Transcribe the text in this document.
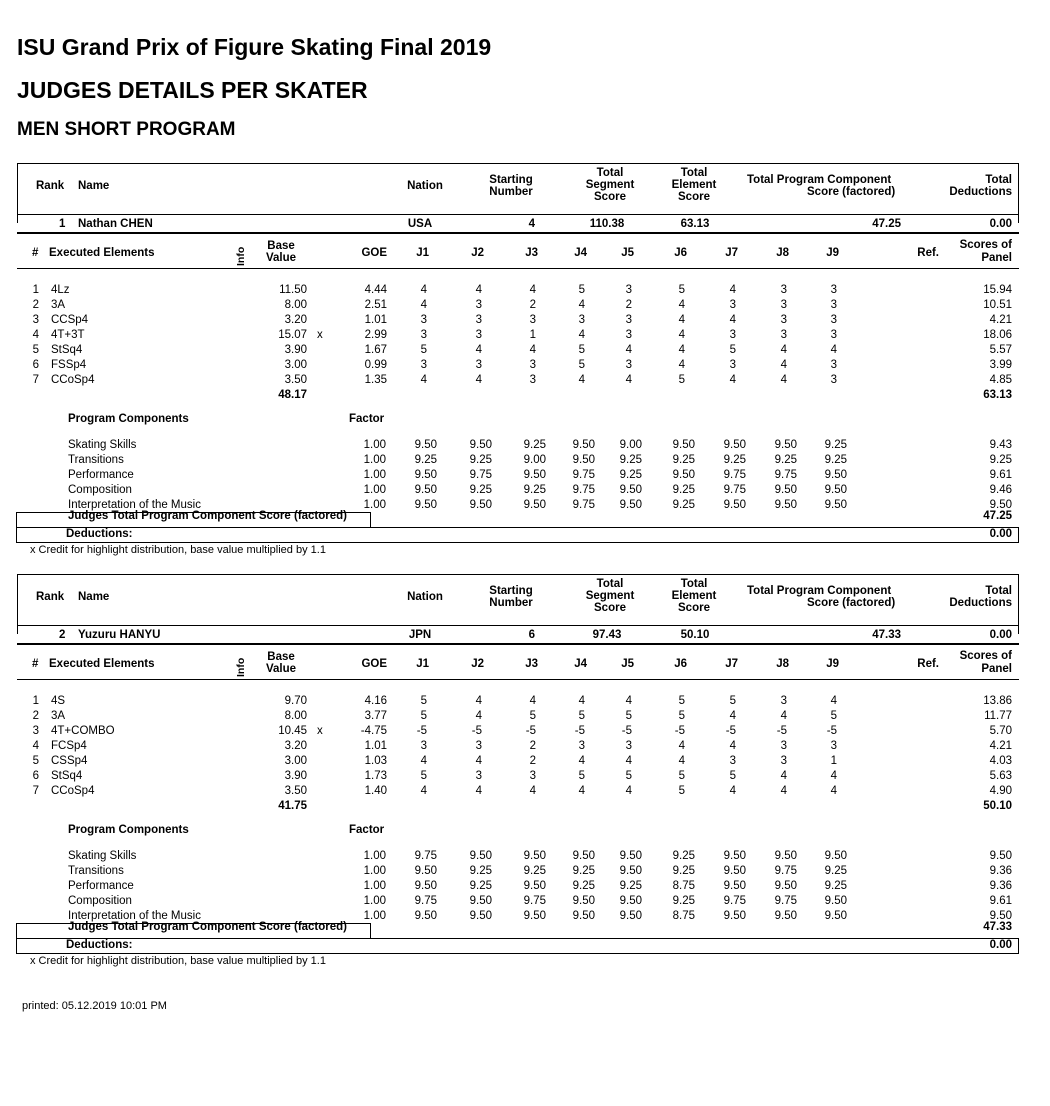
ISU Grand Prix of Figure Skating Final 2019
JUDGES DETAILS PER SKATER
MEN SHORT PROGRAM
Rank Name	Nation	Starting
Number
Total
Segment
Score
Total
Element
Score
Total Program Component
Score (factored)
Total
Deductions
1 Nathan CHEN	USA	4	110.38	63.13	47.25	0.00
# Executed Elements	Info
Base
Value	GOE	J1	J2	J3	J4	J5	J6	J7	J8	J9	Ref.
Scores of
Panel
1 4Lz	11.50	4.44	4	4	4	5	3	5	4	3	3	15.94
2 3A	8.00	2.51	4	3	2	4	2	4	3	3	3	10.51
3 CCSp4	3.20	1.01	3	3	3	3	3	4	4	3	3	4.21
4 4T+3T	15.07 x	2.99	3	3	1	4	3	4	3	3	3	18.06
5 StSq4	3.90	1.67	5	4	4	5	4	4	5	4	4	5.57
6 FSSp4	3.00	0.99	3	3	3	5	3	4	3	4	3	3.99
7 CCoSp4	3.50	1.35	4	4	3	4	4	5	4	4	3	4.85
48.17	63.13
Program Components	Factor
Skating Skills	1.00 9.50	9.50	9.25 9.50 9.00	9.50 9.50 9.50 9.25	9.43
Transitions	1.00 9.25	9.25	9.00 9.50 9.25	9.25 9.25 9.25 9.25	9.25
Performance	1.00 9.50	9.75	9.50 9.75 9.25	9.50 9.75 9.75 9.50	9.61
Composition	1.00 9.50	9.25	9.25 9.75 9.50	9.25 9.75 9.50 9.50	9.46
Interpretation of the Music	1.00 9.50	9.50	9.50 9.75 9.50	9.25 9.50 9.50 9.50	9.50
Judges Total Program Component Score (factored)	47.25
Deductions:	0.00
x Credit for highlight distribution, base value multiplied by 1.1
Rank Name	Nation	Starting
Number
Total
Segment
Score
Total
Element
Score
Total Program Component
Score (factored)
Total
Deductions
2 Yuzuru HANYU	JPN	6	97.43	50.10	47.33	0.00
# Executed Elements	Info
Base
Value	GOE	J1	J2	J3	J4	J5	J6	J7	J8	J9	Ref.
Scores of
Panel
1 4S	9.70	4.16	5	4	4	4	4	5	5	3	4	13.86
2 3A	8.00	3.77	5	4	5	5	5	5	4	4	5	11.77
3 4T+COMBO	10.45 x	-4.75	-5	-5	-5	-5	-5	-5	-5	-5	-5	5.70
4 FCSp4	3.20	1.01	3	3	2	3	3	4	4	3	3	4.21
5 CSSp4	3.00	1.03	4	4	2	4	4	4	3	3	1	4.03
6 StSq4	3.90	1.73	5	3	3	5	5	5	5	4	4	5.63
7 CCoSp4	3.50	1.40	4	4	4	4	4	5	4	4	4	4.90
41.75	50.10
Program Components	Factor
Skating Skills	1.00 9.75	9.50	9.50 9.50 9.50	9.25 9.50 9.50 9.50	9.50
Transitions	1.00 9.50	9.25	9.25 9.25 9.50	9.25 9.50 9.75 9.25	9.36
Performance	1.00 9.50	9.25	9.50 9.25 9.25	8.75 9.50 9.50 9.25	9.36
Composition	1.00 9.75	9.50	9.75 9.50 9.50	9.25 9.75 9.75 9.50	9.61
Interpretation of the Music	1.00 9.50	9.50	9.50 9.50 9.50	8.75 9.50 9.50 9.50	9.50
Judges Total Program Component Score (factored)	47.33
Deductions:	0.00
x Credit for highlight distribution, base value multiplied by 1.1
printed: 05.12.2019 10:01 PM
